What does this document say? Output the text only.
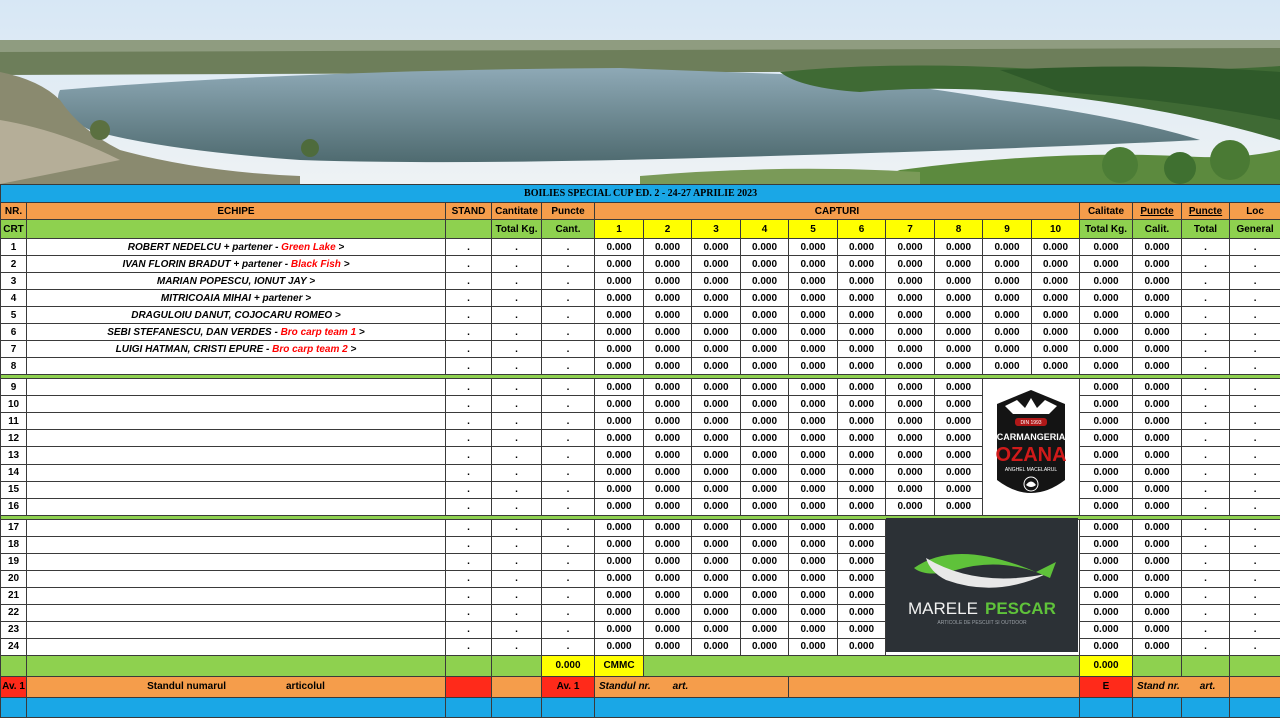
BOILIES SPECIAL CUP ED. 2 - 24-27 APRILIE 2023																		
NR.	ECHIPE	STAND	Cantitate	Puncte	CAPTURI										Calitate	Puncte	Puncte	Loc
CRT			Total Kg.	Cant.	1	2	3	4	5	6	7	8	9	10	Total Kg.	Calit.	Total	General
1	ROBERT NEDELCU + partener - Green Lake >	.	.	.	0.000	0.000	0.000	0.000	0.000	0.000	0.000	0.000	0.000	0.000	0.000	0.000	.	.
2	IVAN FLORIN BRADUT + partener - Black Fish >	.	.	.	0.000	0.000	0.000	0.000	0.000	0.000	0.000	0.000	0.000	0.000	0.000	0.000	.	.
3	MARIAN POPESCU, IONUT JAY >	.	.	.	0.000	0.000	0.000	0.000	0.000	0.000	0.000	0.000	0.000	0.000	0.000	0.000	.	.
4	MITRICOAIA MIHAI + partener >	.	.	.	0.000	0.000	0.000	0.000	0.000	0.000	0.000	0.000	0.000	0.000	0.000	0.000	.	.
5	DRAGULOIU DANUT, COJOCARU ROMEO >	.	.	.	0.000	0.000	0.000	0.000	0.000	0.000	0.000	0.000	0.000	0.000	0.000	0.000	.	.
6	SEBI STEFANESCU, DAN VERDES - Bro carp team 1 >	.	.	.	0.000	0.000	0.000	0.000	0.000	0.000	0.000	0.000	0.000	0.000	0.000	0.000	.	.
7	LUIGI HATMAN, CRISTI EPURE - Bro carp team 2 >	.	.	.	0.000	0.000	0.000	0.000	0.000	0.000	0.000	0.000	0.000	0.000	0.000	0.000	.	.
8		.	.	.	0.000	0.000	0.000	0.000	0.000	0.000	0.000	0.000	0.000	0.000	0.000	0.000	.	.

9		.	.	.	0.000	0.000	0.000	0.000	0.000	0.000	0.000	0.000			0.000	0.000	.	.
10		.	.	.	0.000	0.000	0.000	0.000	0.000	0.000	0.000	0.000			0.000	0.000	.	.
11		.	.	.	0.000	0.000	0.000	0.000	0.000	0.000	0.000	0.000			0.000	0.000	.	.
12		.	.	.	0.000	0.000	0.000	0.000	0.000	0.000	0.000	0.000			0.000	0.000	.	.
13		.	.	.	0.000	0.000	0.000	0.000	0.000	0.000	0.000	0.000			0.000	0.000	.	.
14		.	.	.	0.000	0.000	0.000	0.000	0.000	0.000	0.000	0.000			0.000	0.000	.	.
15		.	.	.	0.000	0.000	0.000	0.000	0.000	0.000	0.000	0.000			0.000	0.000	.	.
16		.	.	.	0.000	0.000	0.000	0.000	0.000	0.000	0.000	0.000			0.000	0.000	.	.

17		.	.	.	0.000	0.000	0.000	0.000	0.000	0.000					0.000	0.000	.	.
18		.	.	.	0.000	0.000	0.000	0.000	0.000	0.000					0.000	0.000	.	.
19		.	.	.	0.000	0.000	0.000	0.000	0.000	0.000					0.000	0.000	.	.
20		.	.	.	0.000	0.000	0.000	0.000	0.000	0.000					0.000	0.000	.	.
21		.	.	.	0.000	0.000	0.000	0.000	0.000	0.000					0.000	0.000	.	.
22		.	.	.	0.000	0.000	0.000	0.000	0.000	0.000					0.000	0.000	.	.
23		.	.	.	0.000	0.000	0.000	0.000	0.000	0.000					0.000	0.000	.	.
24		.	.	.	0.000	0.000	0.000	0.000	0.000	0.000					0.000	0.000	.	.
				0.000	CMMC										0.000			
Av. 1	Standul numarul articolul			Av. 1	Standul nr. art.										E	Stand nr. art.		

DIN 1993
CARMANGERIA
OZANA
ANGHEL MACELARUL
MARELE PESCAR
ARTICOLE DE PESCUIT SI OUTDOOR
